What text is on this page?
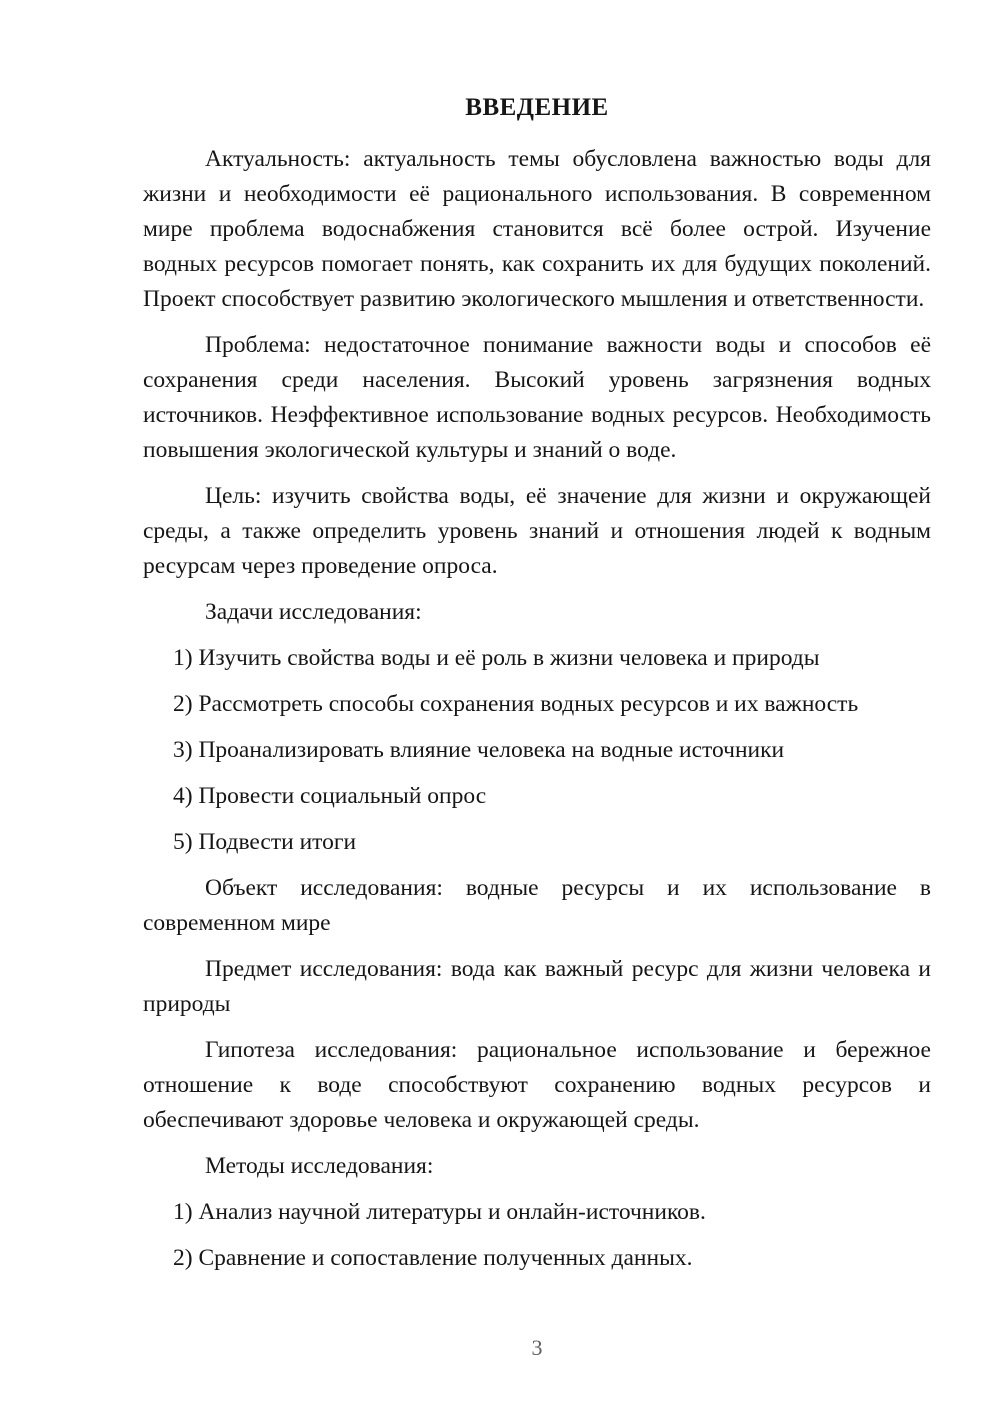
ВВЕДЕНИЕ

Актуальность: актуальность темы обусловлена важностью воды для жизни и необходимости её рационального использования. В современном мире проблема водоснабжения становится всё более острой. Изучение водных ресурсов помогает понять, как сохранить их для будущих поколений. Проект способствует развитию экологического мышления и ответственности.

Проблема: недостаточное понимание важности воды и способов её сохранения среди населения. Высокий уровень загрязнения водных источников. Неэффективное использование водных ресурсов. Необходимость повышения экологической культуры и знаний о воде.

Цель: изучить свойства воды, её значение для жизни и окружающей среды, а также определить уровень знаний и отношения людей к водным ресурсам через проведение опроса.

Задачи исследования:

1) Изучить свойства воды и её роль в жизни человека и природы

2) Рассмотреть способы сохранения водных ресурсов и их важность

3) Проанализировать влияние человека на водные источники

4) Провести социальный опрос

5) Подвести итоги

Объект исследования: водные ресурсы и их использование в современном мире

Предмет исследования: вода как важный ресурс для жизни человека и природы

Гипотеза исследования: рациональное использование и бережное отношение к воде способствуют сохранению водных ресурсов и обеспечивают здоровье человека и окружающей среды.

Методы исследования:

1) Анализ научной литературы и онлайн-источников.

2) Сравнение и сопоставление полученных данных.

3
